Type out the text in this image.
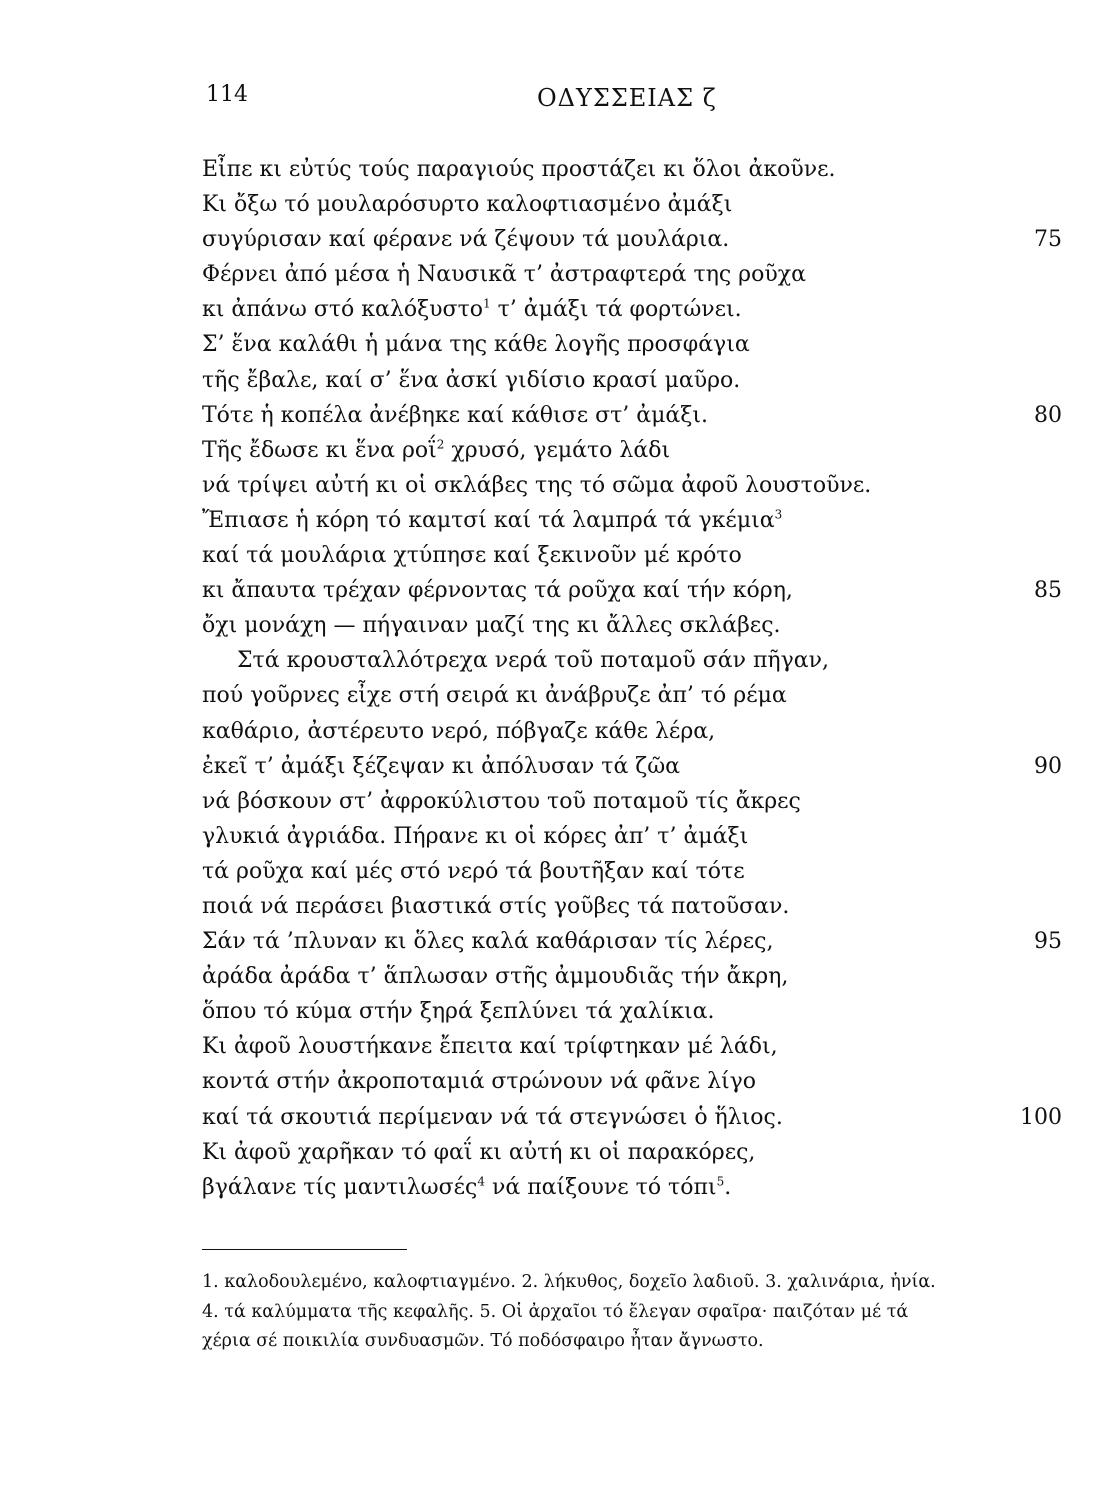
114	ΟΔΥΣΣΕΙΑΣ ζ
Εἶπε κι εὐτύς τούς παραγιούς προστάζει κι ὅλοι ἀκοῦνε.
Κι ὄξω τό μουλαρόσυρτο καλοφτιασμένο ἀμάξι
συγύρισαν καί φέρανε νά ζέψουν τά μουλάρια.	75
Φέρνει ἀπό μέσα ἡ Ναυσικᾶ τ’ ἀστραφτερά της ροῦχα
κι ἀπάνω στό καλόξυστο$^1$ τ’ ἀμάξι τά φορτώνει.
Σ’ ἕνα καλάθι ἡ μάνα της κάθε λογῆς προσφάγια
τῆς ἔβαλε, καί σ’ ἕνα ἀσκί γιδίσιο κρασί μαῦρο.
Τότε ἡ κοπέλα ἀνέβηκε καί κάθισε στ’ ἀμάξι.	80
Τῆς ἔδωσε κι ἕνα ροΐ$^2$ χρυσό, γεμάτο λάδι
νά τρίψει αὐτή κι οἱ σκλάβες της τό σῶμα ἀφοῦ λουστοῦνε.
Ἔπιασε ἡ κόρη τό καμτσί καί τά λαμπρά τά γκέμια$^3$
καί τά μουλάρια χτύπησε καί ξεκινοῦν μέ κρότο
κι ἄπαυτα τρέχαν φέρνοντας τά ροῦχα καί τήν κόρη,	85
ὄχι μονάχη — πήγαιναν μαζί της κι ἄλλες σκλάβες.
Στά κρουσταλλότρεχα νερά τοῦ ποταμοῦ σάν πῆγαν,
πού γοῦρνες εἶχε στή σειρά κι ἀνάβρυζε ἀπ’ τό ρέμα
καθάριο, ἀστέρευτο νερό, πόβγαζε κάθε λέρα,
ἐκεῖ τ’ ἀμάξι ξέζεψαν κι ἀπόλυσαν τά ζῶα	90
νά βόσκουν στ’ ἀφροκύλιστου τοῦ ποταμοῦ τίς ἄκρες
γλυκιά ἀγριάδα. Πήρανε κι οἱ κόρες ἀπ’ τ’ ἀμάξι
τά ροῦχα καί μές στό νερό τά βουτῆξαν καί τότε
ποιά νά περάσει βιαστικά στίς γοῦβες τά πατοῦσαν.
Σάν τά ’πλυναν κι ὅλες καλά καθάρισαν τίς λέρες,	95
ἀράδα ἀράδα τ’ ἅπλωσαν στῆς ἀμμουδιᾶς τήν ἄκρη,
ὅπου τό κύμα στήν ξηρά ξεπλύνει τά χαλίκια.
Κι ἀφοῦ λουστήκανε ἔπειτα καί τρίφτηκαν μέ λάδι,
κοντά στήν ἀκροποταμιά στρώνουν νά φᾶνε λίγο
καί τά σκουτιά περίμεναν νά τά στεγνώσει ὁ ἥλιος.	100
Κι ἀφοῦ χαρῆκαν τό φαΐ κι αὐτή κι οἱ παρακόρες,
βγάλανε τίς μαντιλωσές$^4$ νά παίξουνε τό τόπι$^5$.
1. καλοδουλεμένο, καλοφτιαγμένο. 2. λήκυθος, δοχεῖο λαδιοῦ. 3. χαλινάρια, ἡνία.
4. τά καλύμματα τῆς κεφαλῆς. 5. Οἱ ἀρχαῖοι τό ἔλεγαν σφαῖρα· παιζόταν μέ τά
χέρια σέ ποικιλία συνδυασμῶν. Τό ποδόσφαιρο ἦταν ἄγνωστο.
